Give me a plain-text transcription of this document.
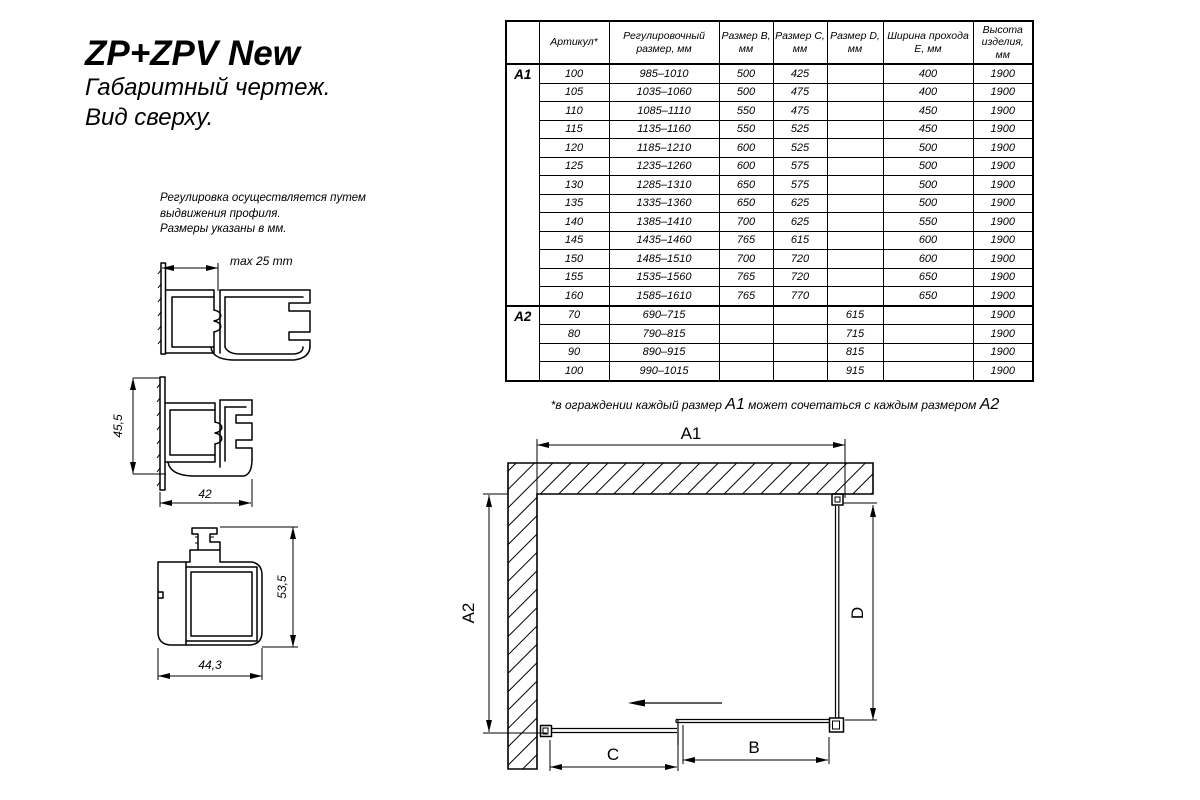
ZP+ZPV New
Габаритный чертеж.
Вид сверху.
Регулировка осуществляется путем
выдвижения профиля.
Размеры указаны в мм.
max 25 mm
45,5
42
53,5
44,3
	Артикул*	Регулировочный размер, мм	Размер В, мм	Размер С, мм	Размер D, мм	Ширина прохода Е, мм	Высота изделия, мм
А1	100	985–1010	500	425		400	1900
	105	1035–1060	500	475		400	1900
	110	1085–1110	550	475		450	1900
	115	1135–1160	550	525		450	1900
	120	1185–1210	600	525		500	1900
	125	1235–1260	600	575		500	1900
	130	1285–1310	650	575		500	1900
	135	1335–1360	650	625		500	1900
	140	1385–1410	700	625		550	1900
	145	1435–1460	765	615		600	1900
	150	1485–1510	700	720		600	1900
	155	1535–1560	765	720		650	1900
	160	1585–1610	765	770		650	1900
А2	70	690–715			615		1900
	80	790–815			715		1900
	90	890–915			815		1900
	100	990–1015			915		1900
*в ограждении каждый размер А1 может сочетаться с каждым размером А2
A1
A2	D
C	B
